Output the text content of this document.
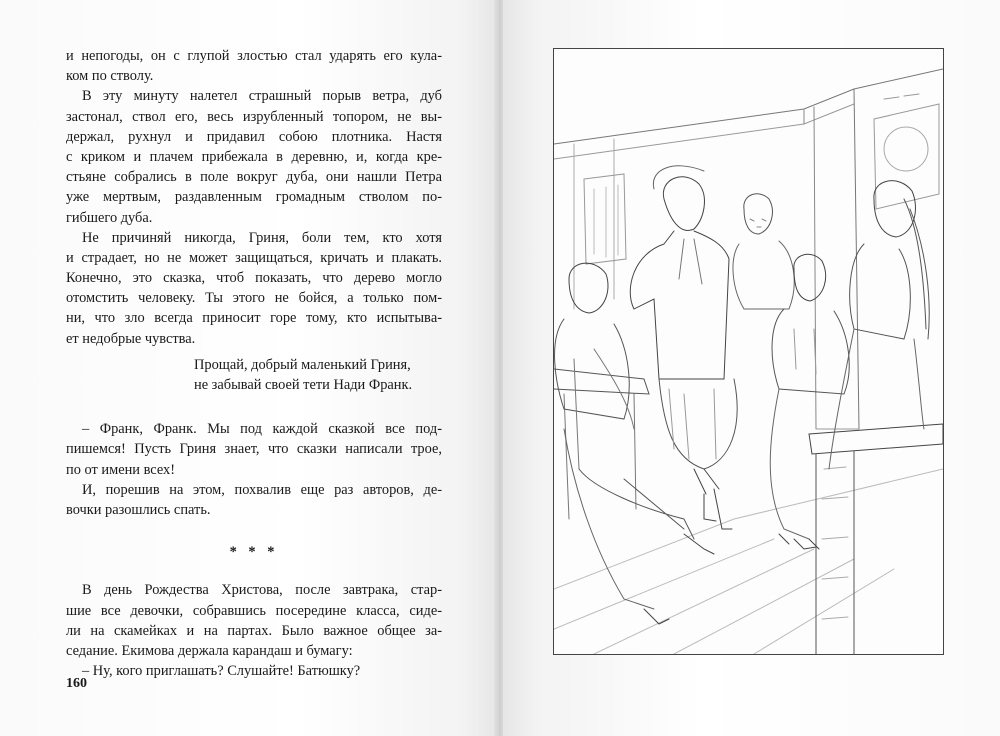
и непогоды, он с глупой злостью стал ударять его кула-
ком по стволу.
В эту минуту налетел страшный порыв ветра, дуб
застонал, ствол его, весь изрубленный топором, не вы-
держал, рухнул и придавил собою плотника. Настя
с криком и плачем прибежала в деревню, и, когда кре-
стьяне собрались в поле вокруг дуба, они нашли Петра
уже мертвым, раздавленным громадным стволом по-
гибшего дуба.
Не причиняй никогда, Гриня, боли тем, кто хотя
и страдает, но не может защищаться, кричать и плакать.
Конечно, это сказка, чтоб показать, что дерево могло
отомстить человеку. Ты этого не бойся, а только пом-
ни, что зло всегда приносит горе тому, кто испытывa-
ет недобрые чувства.
Прощай, добрый маленький Гриня,
не забывай своей тети Нади Франк.
– Франк, Франк. Мы под каждой сказкой все под-
пишемся! Пусть Гриня знает, что сказки написали трое,
по от имени всех!
И, порешив на этом, похвалив еще раз авторов, де-
вочки разошлись спать.
* * *
В день Рождества Христова, после завтрака, стар-
шие все девочки, собравшись посередине класса, сиде-
ли на скамейках и на партах. Было важное общее за-
седание. Екимова держала карандаш и бумагу:
– Ну, кого приглашать? Слушайте! Батюшку?
160
